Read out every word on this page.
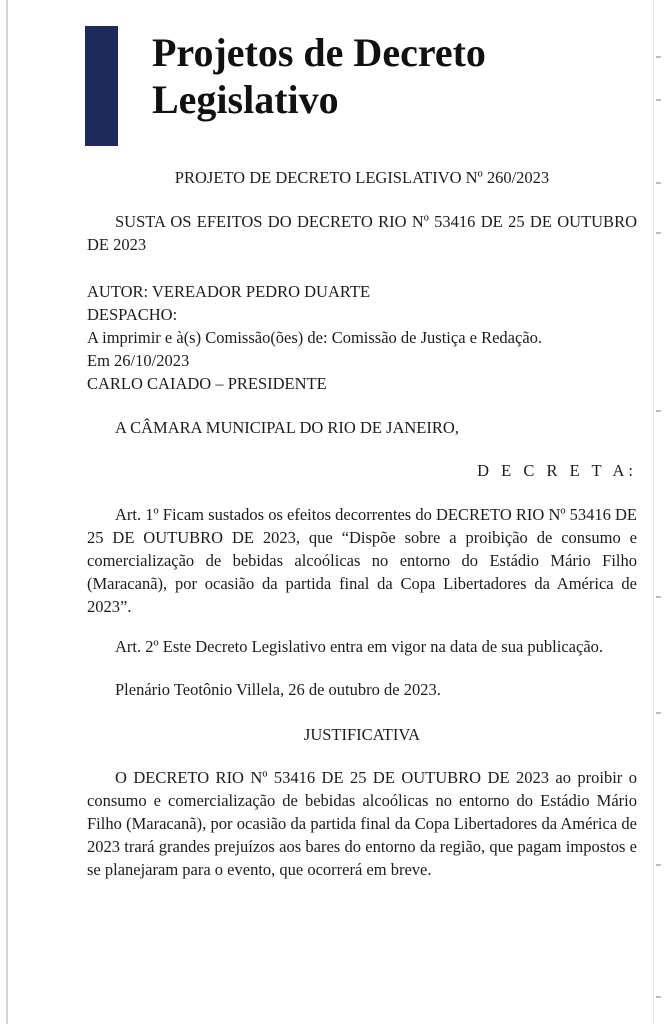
Projetos de Decreto Legislativo

PROJETO DE DECRETO LEGISLATIVO Nº 260/2023

SUSTA OS EFEITOS DO DECRETO RIO Nº 53416 DE 25 DE OUTUBRO DE 2023

AUTOR: VEREADOR PEDRO DUARTE

DESPACHO:

A imprimir e à(s) Comissão(ões) de: Comissão de Justiça e Redação.

Em 26/10/2023

CARLO CAIADO – PRESIDENTE

A CÂMARA MUNICIPAL DO RIO DE JANEIRO,

D E C R E T A:

Art. 1º Ficam sustados os efeitos decorrentes do DECRETO RIO Nº 53416 DE 25 DE OUTUBRO DE 2023, que “Dispõe sobre a proibição de consumo e comercialização de bebidas alcoólicas no entorno do Estádio Mário Filho (Maracanã), por ocasião da partida final da Copa Libertadores da América de 2023”.

Art. 2º Este Decreto Legislativo entra em vigor na data de sua publicação.

Plenário Teotônio Villela, 26 de outubro de 2023.

JUSTIFICATIVA

O DECRETO RIO Nº 53416 DE 25 DE OUTUBRO DE 2023 ao proibir o consumo e comercialização de bebidas alcoólicas no entorno do Estádio Mário Filho (Maracanã), por ocasião da partida final da Copa Libertadores da América de 2023 trará grandes prejuízos aos bares do entorno da região, que pagam impostos e se planejaram para o evento, que ocorrerá em breve.
